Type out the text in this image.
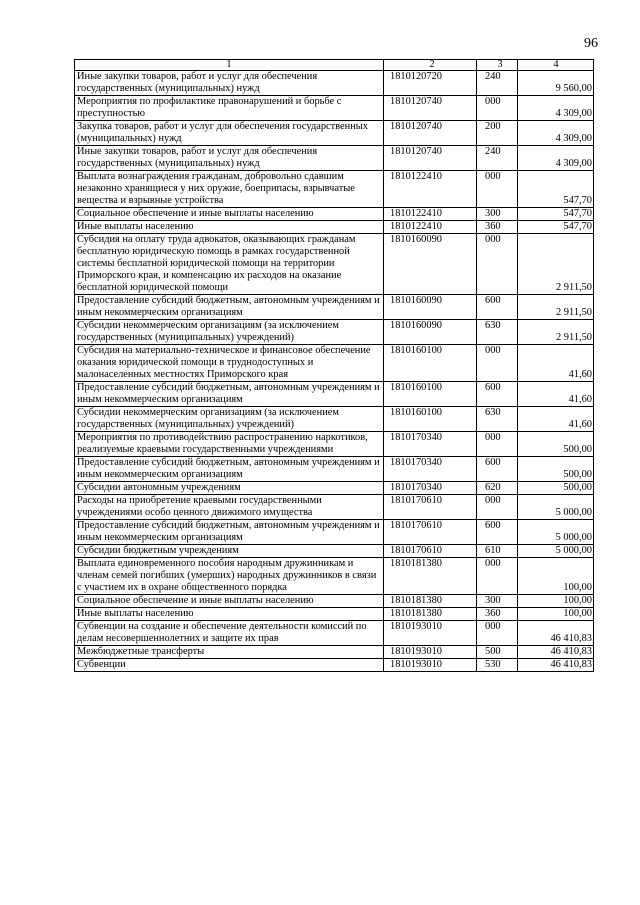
96
1	2	3	4
Иные закупки товаров, работ и услуг для обеспечения государственных (муниципальных) нужд	1810120720	240	9 560,00
Мероприятия по профилактике правонарушений и борьбе с преступностью	1810120740	000	4 309,00
Закупка товаров, работ и услуг для обеспечения государственных (муниципальных) нужд	1810120740	200	4 309,00
Иные закупки товаров, работ и услуг для обеспечения государственных (муниципальных) нужд	1810120740	240	4 309,00
Выплата вознаграждения гражданам, добровольно сдавшим незаконно хранящиеся у них оружие, боеприпасы, взрывчатые вещества и взрывные устройства	1810122410	000	547,70
Социальное обеспечение и иные выплаты населению	1810122410	300	547,70
Иные выплаты населению	1810122410	360	547,70
Субсидия на оплату труда адвокатов, оказывающих гражданам бесплатную юридическую помощь в рамках государственной системы бесплатной юридической помощи на территории Приморского края, и компенсацию их расходов на оказание бесплатной юридической помощи	1810160090	000	2 911,50
Предоставление субсидий бюджетным, автономным учреждениям и иным некоммерческим организациям	1810160090	600	2 911,50
Субсидии некоммерческим организациям (за исключением государственных (муниципальных) учреждений)	1810160090	630	2 911,50
Субсидия на материально-техническое и финансовое обеспечение оказания юридической помощи в труднодоступных и малонаселенных местностях Приморского края	1810160100	000	41,60
Предоставление субсидий бюджетным, автономным учреждениям и иным некоммерческим организациям	1810160100	600	41,60
Субсидии некоммерческим организациям (за исключением государственных (муниципальных) учреждений)	1810160100	630	41,60
Мероприятия по противодействию распространению наркотиков, реализуемые краевыми государственными учреждениями	1810170340	000	500,00
Предоставление субсидий бюджетным, автономным учреждениям и иным некоммерческим организациям	1810170340	600	500,00
Субсидии автономным учреждениям	1810170340	620	500,00
Расходы на приобретение краевыми государственными учреждениями особо ценного движимого имущества	1810170610	000	5 000,00
Предоставление субсидий бюджетным, автономным учреждениям и иным некоммерческим организациям	1810170610	600	5 000,00
Субсидии бюджетным учреждениям	1810170610	610	5 000,00
Выплата единовременного пособия народным дружинникам и членам семей погибших (умерших) народных дружинников в связи с участием их в охране общественного порядка	1810181380	000	100,00
Социальное обеспечение и иные выплаты населению	1810181380	300	100,00
Иные выплаты населению	1810181380	360	100,00
Субвенции на создание и обеспечение деятельности комиссий по делам несовершеннолетних и защите их прав	1810193010	000	46 410,83
Межбюджетные трансферты	1810193010	500	46 410,83
Субвенции	1810193010	530	46 410,83
